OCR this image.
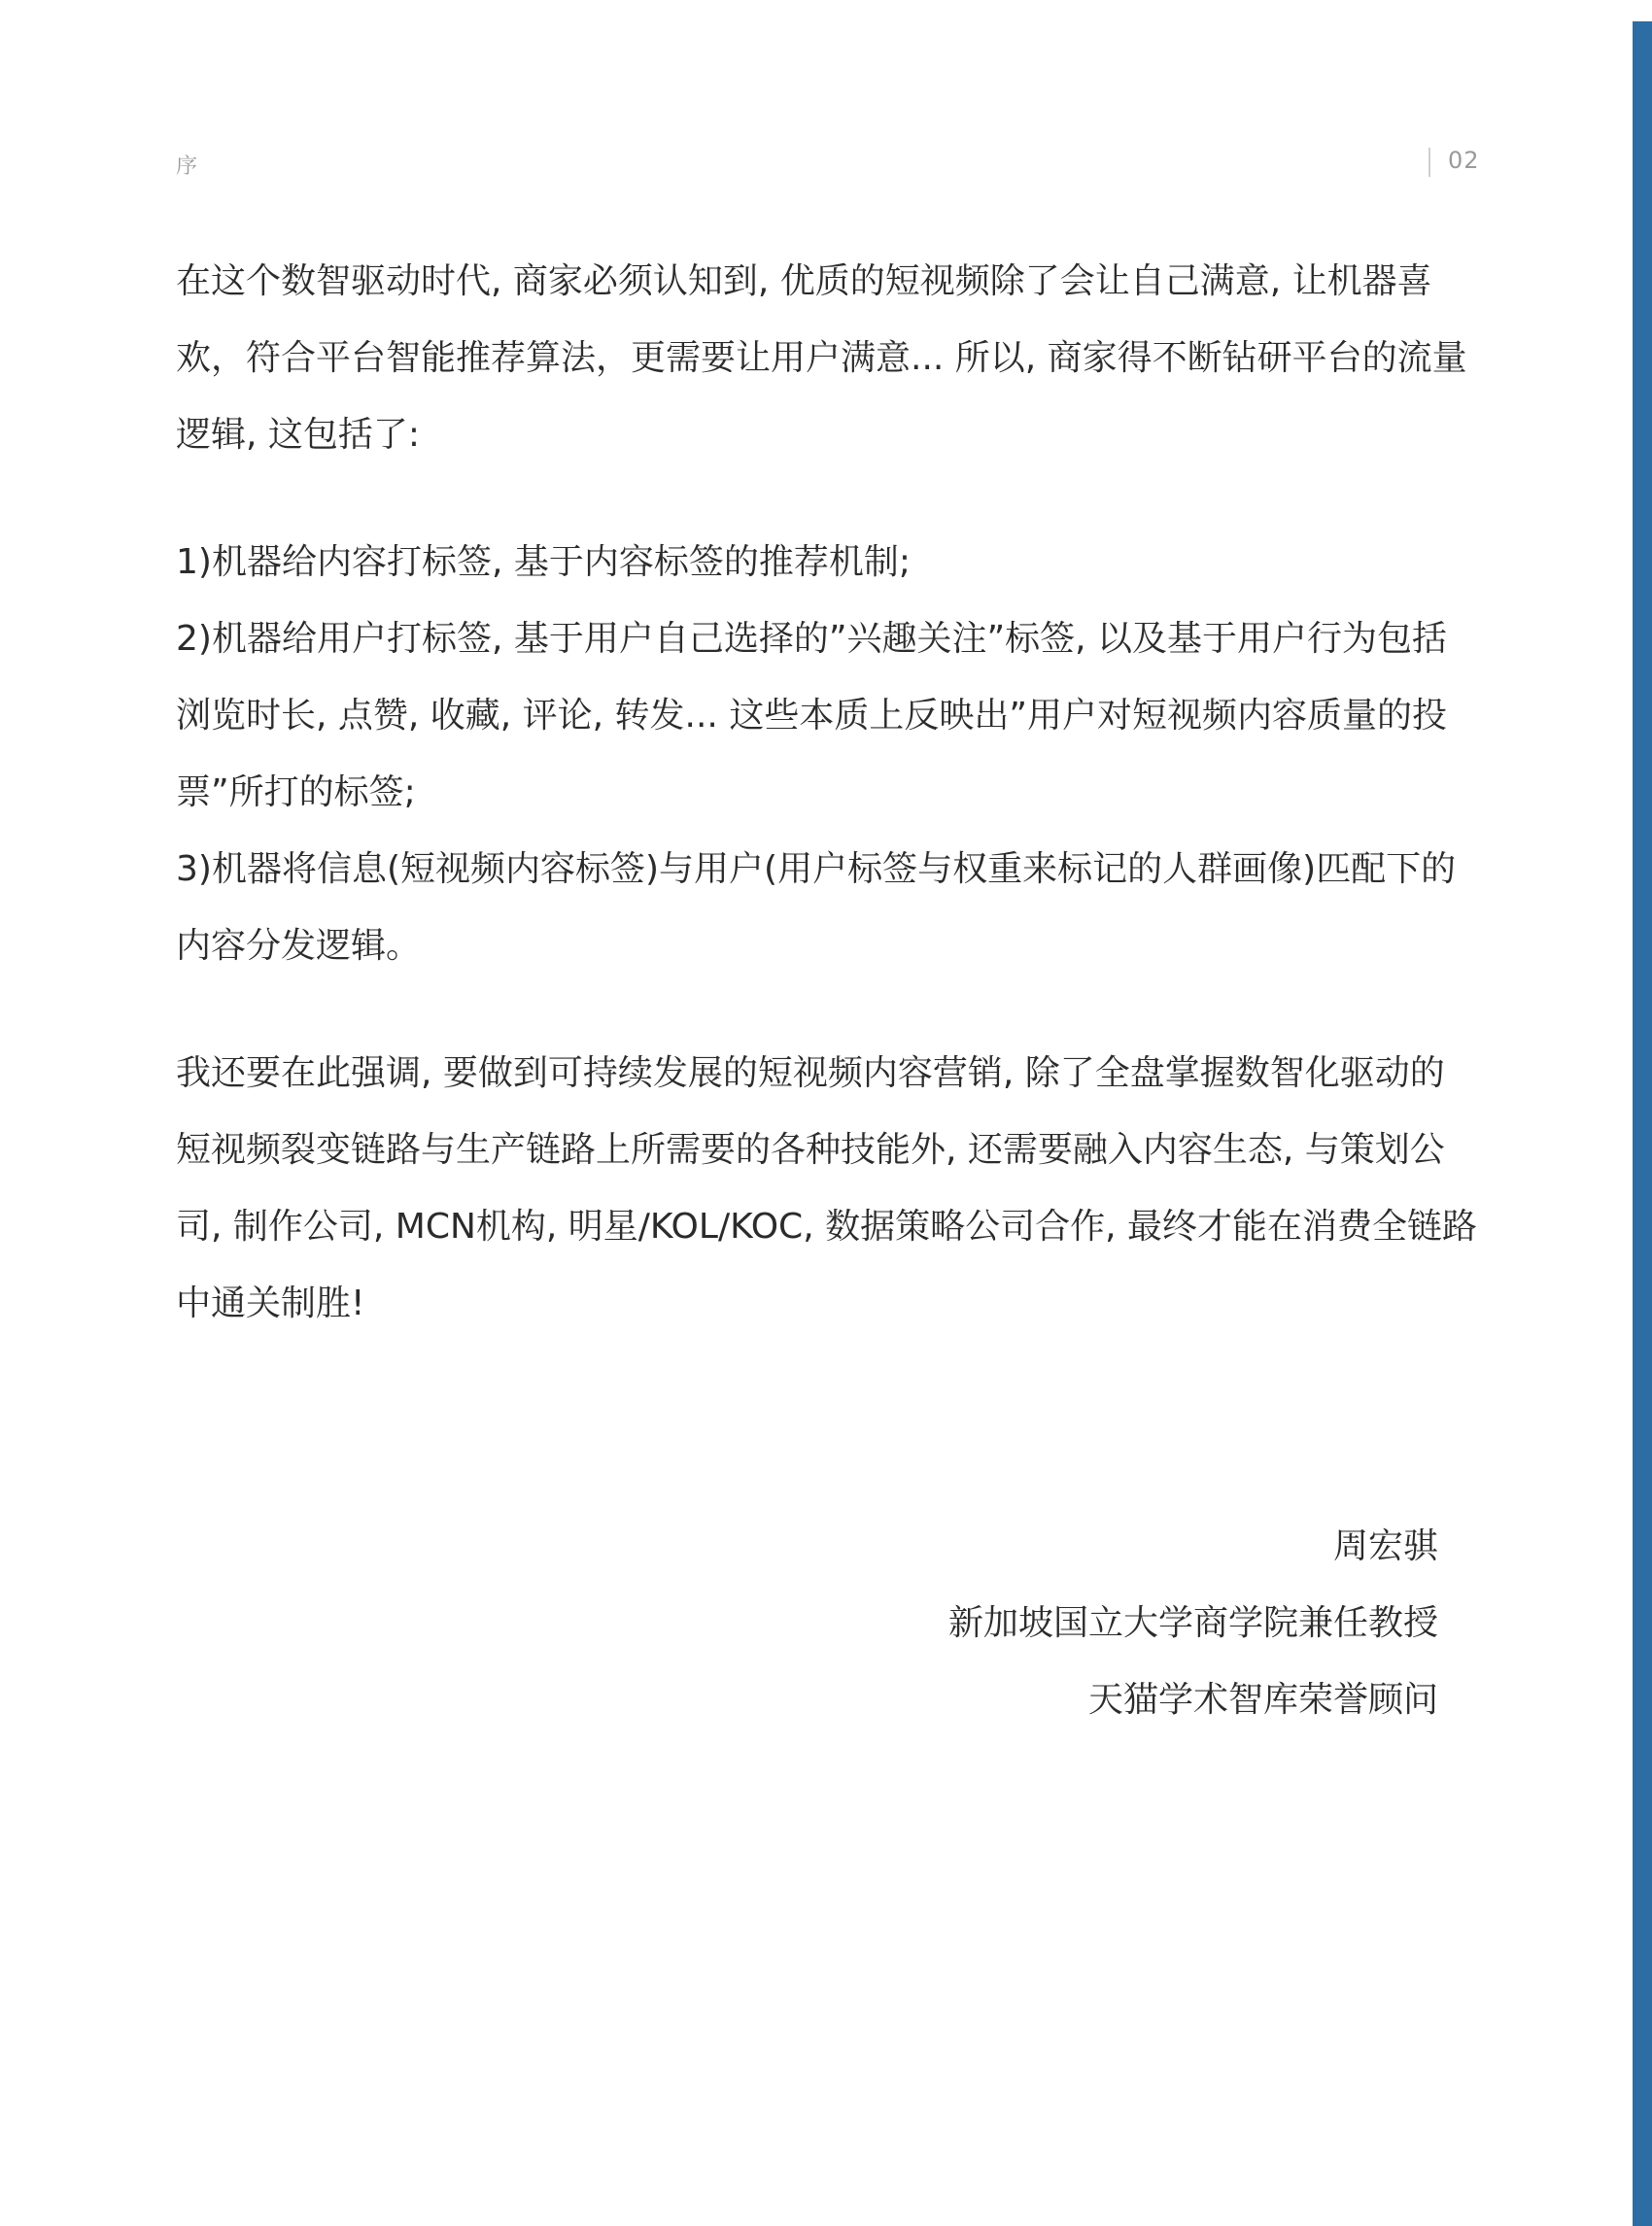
序	02

在这个数智驱动时代, 商家必须认知到, 优质的短视频除了会让自己满意, 让机器喜欢，符合平台智能推荐算法，更需要让用户满意... 所以, 商家得不断钻研平台的流量逻辑, 这包括了:

1)机器给内容打标签, 基于内容标签的推荐机制;

2)机器给用户打标签, 基于用户自己选择的”兴趣关注”标签, 以及基于用户行为包括浏览时长, 点赞, 收藏, 评论, 转发... 这些本质上反映出”用户对短视频内容质量的投票”所打的标签;

3)机器将信息(短视频内容标签)与用户(用户标签与权重来标记的人群画像)匹配下的内容分发逻辑。

我还要在此强调, 要做到可持续发展的短视频内容营销, 除了全盘掌握数智化驱动的短视频裂变链路与生产链路上所需要的各种技能外, 还需要融入内容生态, 与策划公司, 制作公司, MCN机构, 明星/KOL/KOC, 数据策略公司合作, 最终才能在消费全链路中通关制胜!

周宏骐

新加坡国立大学商学院兼任教授

天猫学术智库荣誉顾问
